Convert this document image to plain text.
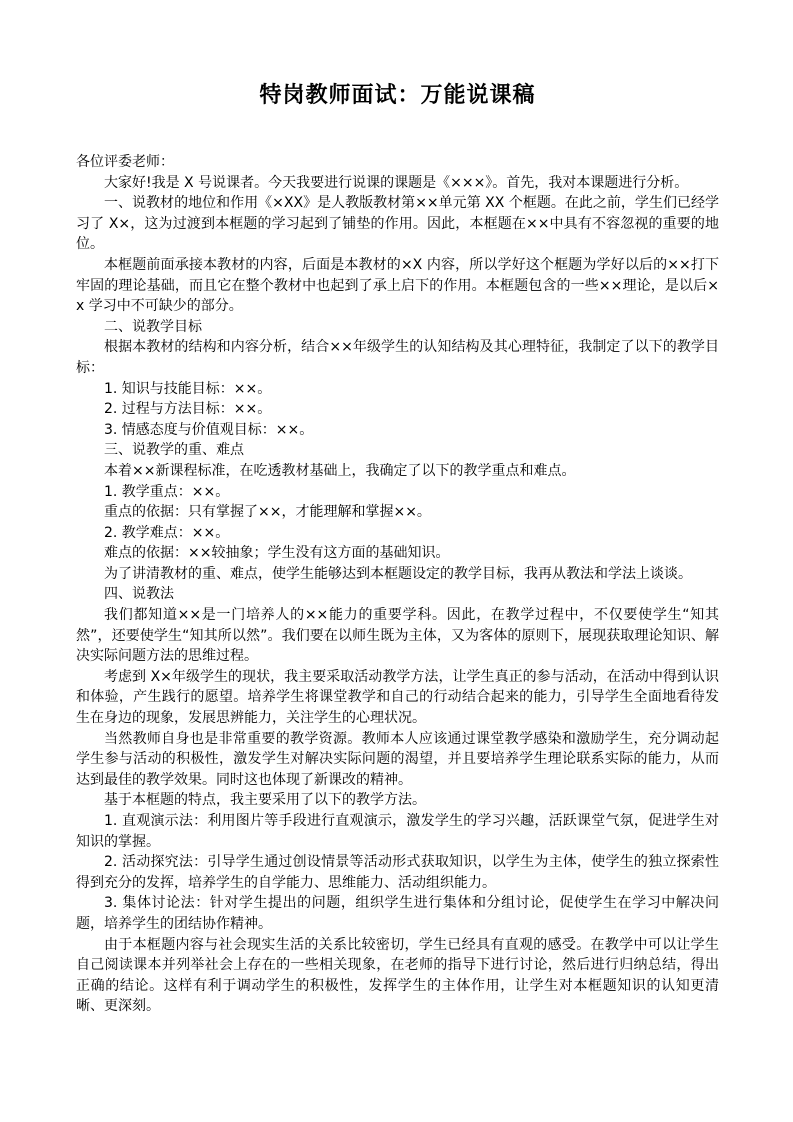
特岗教师面试：万能说课稿

各位评委老师：

大家好!我是 X 号说课者。今天我要进行说课的课题是《×××》。首先，我对本课题进行分析。

一、说教材的地位和作用《×XX》是人教版教材第××单元第 XX 个框题。在此之前，学生们已经学习了 X×，这为过渡到本框题的学习起到了铺垫的作用。因此，本框题在××中具有不容忽视的重要的地位。

本框题前面承接本教材的内容，后面是本教材的×X 内容，所以学好这个框题为学好以后的××打下牢固的理论基础，而且它在整个教材中也起到了承上启下的作用。本框题包含的一些××理论，是以后×x 学习中不可缺少的部分。

二、说教学目标

根据本教材的结构和内容分析，结合××年级学生的认知结构及其心理特征，我制定了以下的教学目标：

1. 知识与技能目标：××。

2. 过程与方法目标：××。

3. 情感态度与价值观目标：××。

三、说教学的重、难点

本着××新课程标准，在吃透教材基础上，我确定了以下的教学重点和难点。

1. 教学重点：××。

重点的依据：只有掌握了××，才能理解和掌握××。

2. 教学难点：××。

难点的依据：××较抽象；学生没有这方面的基础知识。

为了讲清教材的重、难点，使学生能够达到本框题设定的教学目标，我再从教法和学法上谈谈。

四、说教法

我们都知道××是一门培养人的××能力的重要学科。因此，在教学过程中，不仅要使学生“知其然”，还要使学生“知其所以然”。我们要在以师生既为主体，又为客体的原则下，展现获取理论知识、解决实际问题方法的思维过程。

考虑到 X×年级学生的现状，我主要采取活动教学方法，让学生真正的参与活动，在活动中得到认识和体验，产生践行的愿望。培养学生将课堂教学和自己的行动结合起来的能力，引导学生全面地看待发生在身边的现象，发展思辨能力，关注学生的心理状况。

当然教师自身也是非常重要的教学资源。教师本人应该通过课堂教学感染和激励学生，充分调动起学生参与活动的积极性，激发学生对解决实际问题的渴望，并且要培养学生理论联系实际的能力，从而达到最佳的教学效果。同时这也体现了新课改的精神。

基于本框题的特点，我主要采用了以下的教学方法。

1. 直观演示法：利用图片等手段进行直观演示，激发学生的学习兴趣，活跃课堂气氛，促进学生对知识的掌握。

2. 活动探究法：引导学生通过创设情景等活动形式获取知识，以学生为主体，使学生的独立探索性得到充分的发挥，培养学生的自学能力、思维能力、活动组织能力。

3. 集体讨论法：针对学生提出的问题，组织学生进行集体和分组讨论，促使学生在学习中解决问题，培养学生的团结协作精神。

由于本框题内容与社会现实生活的关系比较密切，学生已经具有直观的感受。在教学中可以让学生自己阅读课本并列举社会上存在的一些相关现象，在老师的指导下进行讨论，然后进行归纳总结，得出正确的结论。这样有利于调动学生的积极性，发挥学生的主体作用，让学生对本框题知识的认知更清晰、更深刻。
